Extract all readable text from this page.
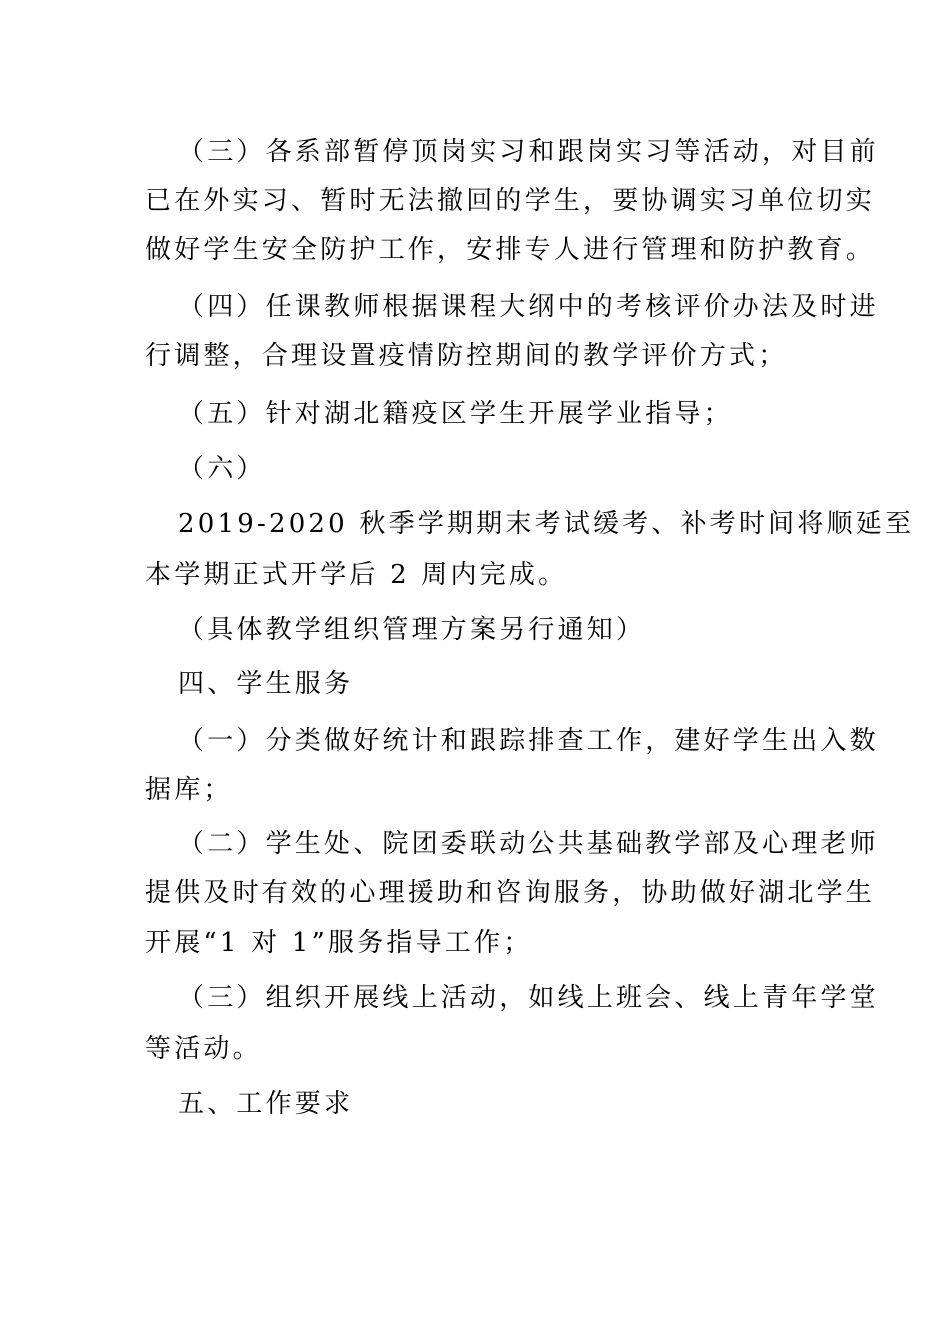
（三）各系部暂停顶岗实习和跟岗实习等活动，对目前
已在外实习、暂时无法撤回的学生，要协调实习单位切实
做好学生安全防护工作，安排专人进行管理和防护教育。
（四）任课教师根据课程大纲中的考核评价办法及时进
行调整，合理设置疫情防控期间的教学评价方式；
（五）针对湖北籍疫区学生开展学业指导；
（六）
2019-2020 秋季学期期末考试缓考、补考时间将顺延至
本学期正式开学后 2 周内完成。
（具体教学组织管理方案另行通知）
四、学生服务
（一）分类做好统计和跟踪排查工作，建好学生出入数
据库；
（二）学生处、院团委联动公共基础教学部及心理老师
提供及时有效的心理援助和咨询服务，协助做好湖北学生
开展“1 对 1”服务指导工作；
（三）组织开展线上活动，如线上班会、线上青年学堂
等活动。
五、工作要求
